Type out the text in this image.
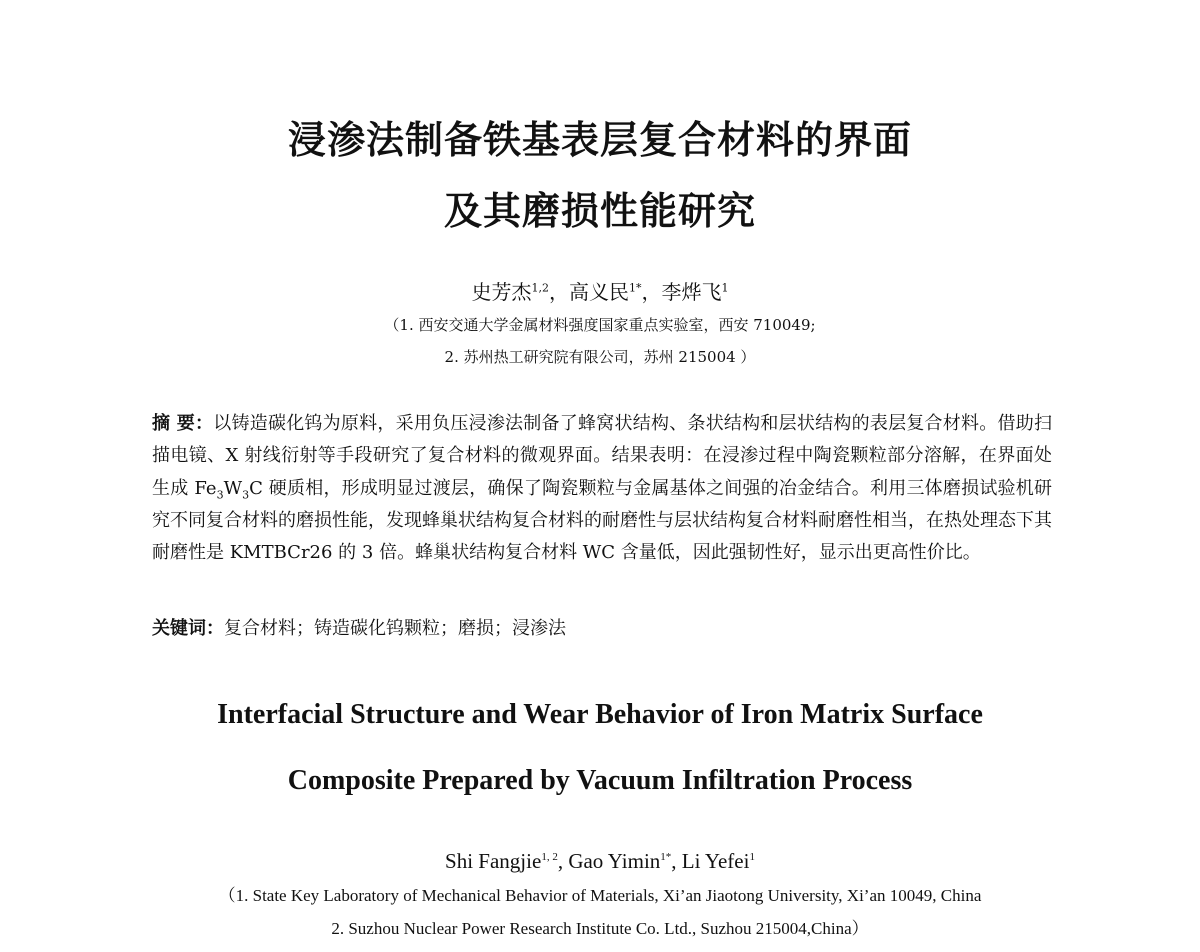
浸渗法制备铁基表层复合材料的界面
及其磨损性能研究
史芳杰$^{1,2}$，高义民$^{1*}$，李烨飞$^1$
（1. 西安交通大学金属材料强度国家重点实验室，西安 710049;
2. 苏州热工研究院有限公司，苏州 215004 ）
摘 要：以铸造碳化钨为原料，采用负压浸渗法制备了蜂窝状结构、条状结构和层状结构的表层复合材料。借助扫描电镜、X 射线衍射等手段研究了复合材料的微观界面。结果表明：在浸渗过程中陶瓷颗粒部分溶解，在界面处生成 $Fe_3W_3C$ 硬质相，形成明显过渡层，确保了陶瓷颗粒与金属基体之间强的冶金结合。利用三体磨损试验机研究不同复合材料的磨损性能，发现蜂巢状结构复合材料的耐磨性与层状结构复合材料耐磨性相当，在热处理态下其耐磨性是 KMTBCr26 的 3 倍。蜂巢状结构复合材料 WC 含量低，因此强韧性好，显示出更高性价比。
关键词：复合材料；铸造碳化钨颗粒；磨损；浸渗法
Interfacial Structure and Wear Behavior of Iron Matrix Surface
Composite Prepared by Vacuum Infiltration Process
Shi Fangjie$^{1, 2}$, Gao Yimin$^{1*}$, Li Yefei$^1$
（1. State Key Laboratory of Mechanical Behavior of Materials, Xi’an Jiaotong University, Xi’an 10049, China
2. Suzhou Nuclear Power Research Institute Co. Ltd., Suzhou 215004,China）
